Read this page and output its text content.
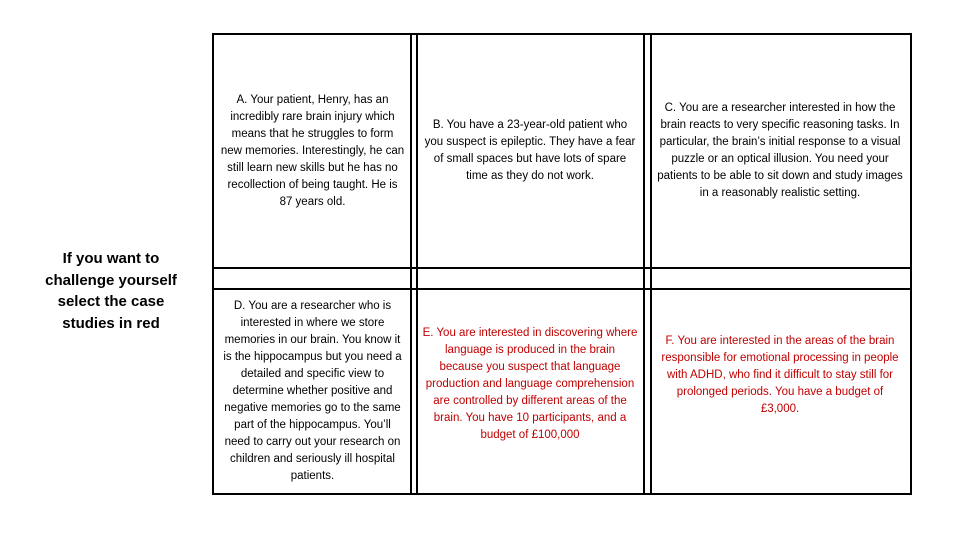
If you want to challenge yourself select the case studies in red
A. Your patient, Henry, has an incredibly rare brain injury which means that he struggles to form new memories. Interestingly, he can still learn new skills but he has no recollection of being taught. He is 87 years old.
B. You have a 23-year-old patient who you suspect is epileptic. They have a fear of small spaces but have lots of spare time as they do not work.
C. You are a researcher interested in how the brain reacts to very specific reasoning tasks. In particular, the brain’s initial response to a visual puzzle or an optical illusion. You need your patients to be able to sit down and study images in a reasonably realistic setting.
D. You are a researcher who is interested in where we store memories in our brain. You know it is the hippocampus but you need a detailed and specific view to determine whether positive and negative memories go to the same part of the hippocampus. You’ll need to carry out your research on children and seriously ill hospital patients.
E. You are interested in discovering where language is produced in the brain because you suspect that language production and language comprehension are controlled by different areas of the brain. You have 10 participants, and a budget of £100,000
F. You are interested in the areas of the brain responsible for emotional processing in people with ADHD, who find it difficult to stay still for prolonged periods. You have a budget of £3,000.
